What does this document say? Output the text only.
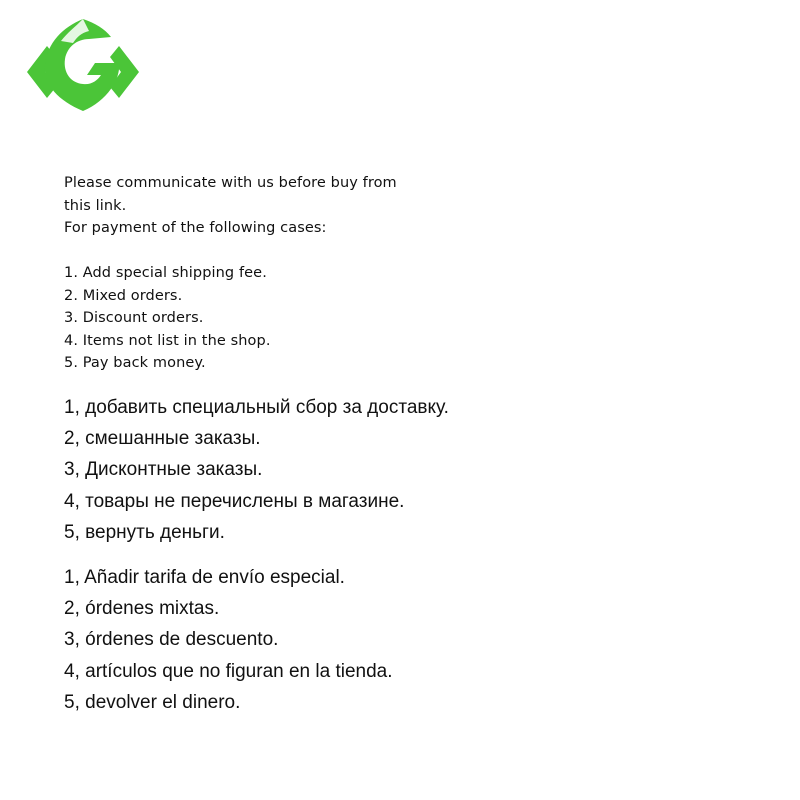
Please communicate with us before buy from
this link.
For payment of the following cases:
1. Add special shipping fee.
2. Mixed orders.
3. Discount orders.
4. Items not list in the shop.
5. Pay back money.
1, добавить специальный сбор за доставку.
2, смешанные заказы.
3, Дисконтные заказы.
4, товары не перечислены в магазине.
5, вернуть деньги.
1, Añadir tarifa de envío especial.
2, órdenes mixtas.
3, órdenes de descuento.
4, artículos que no figuran en la tienda.
5, devolver el dinero.
